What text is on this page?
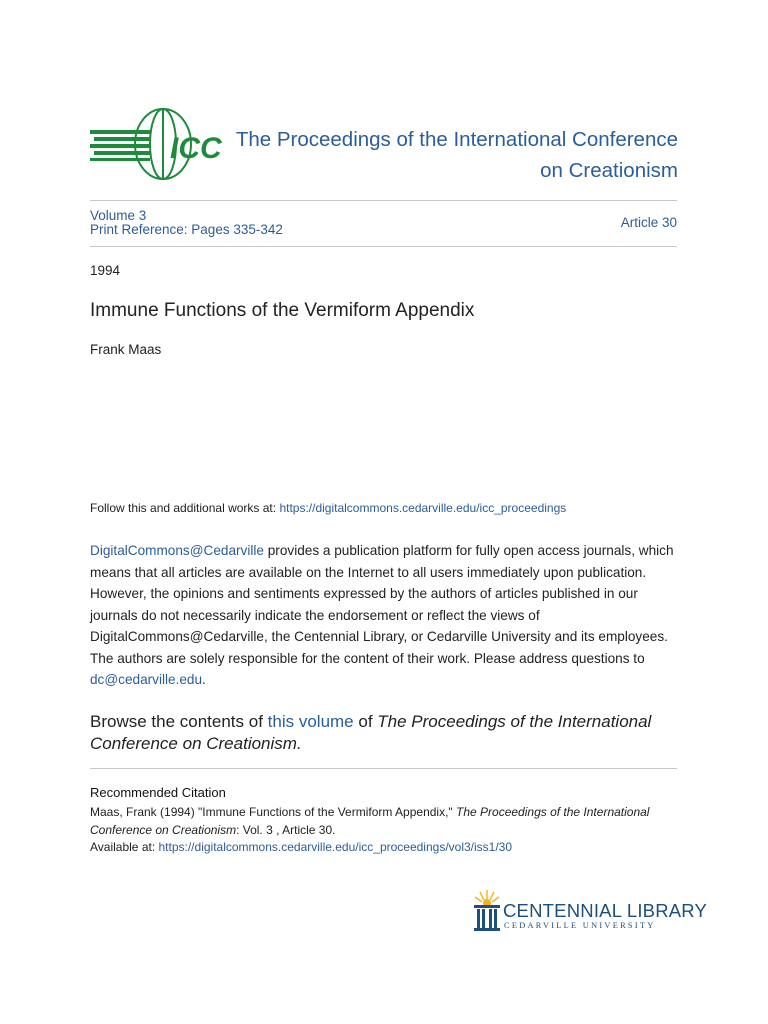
ICC The Proceedings of the International Conference
on Creationism
Volume 3
Print Reference: Pages 335-342	Article 30
1994
Immune Functions of the Vermiform Appendix
Frank Maas
Follow this and additional works at: https://digitalcommons.cedarville.edu/icc_proceedings
DigitalCommons@Cedarville provides a publication platform for fully open access journals, which means that all articles are available on the Internet to all users immediately upon publication. However, the opinions and sentiments expressed by the authors of articles published in our journals do not necessarily indicate the endorsement or reflect the views of DigitalCommons@Cedarville, the Centennial Library, or Cedarville University and its employees. The authors are solely responsible for the content of their work. Please address questions to dc@cedarville.edu.
Browse the contents of this volume of The Proceedings of the International Conference on Creationism.
Recommended Citation
Maas, Frank (1994) "Immune Functions of the Vermiform Appendix," The Proceedings of the International Conference on Creationism: Vol. 3 , Article 30.
Available at: https://digitalcommons.cedarville.edu/icc_proceedings/vol3/iss1/30
CENTENNIAL LIBRARY
CEDARVILLE UNIVERSITY
